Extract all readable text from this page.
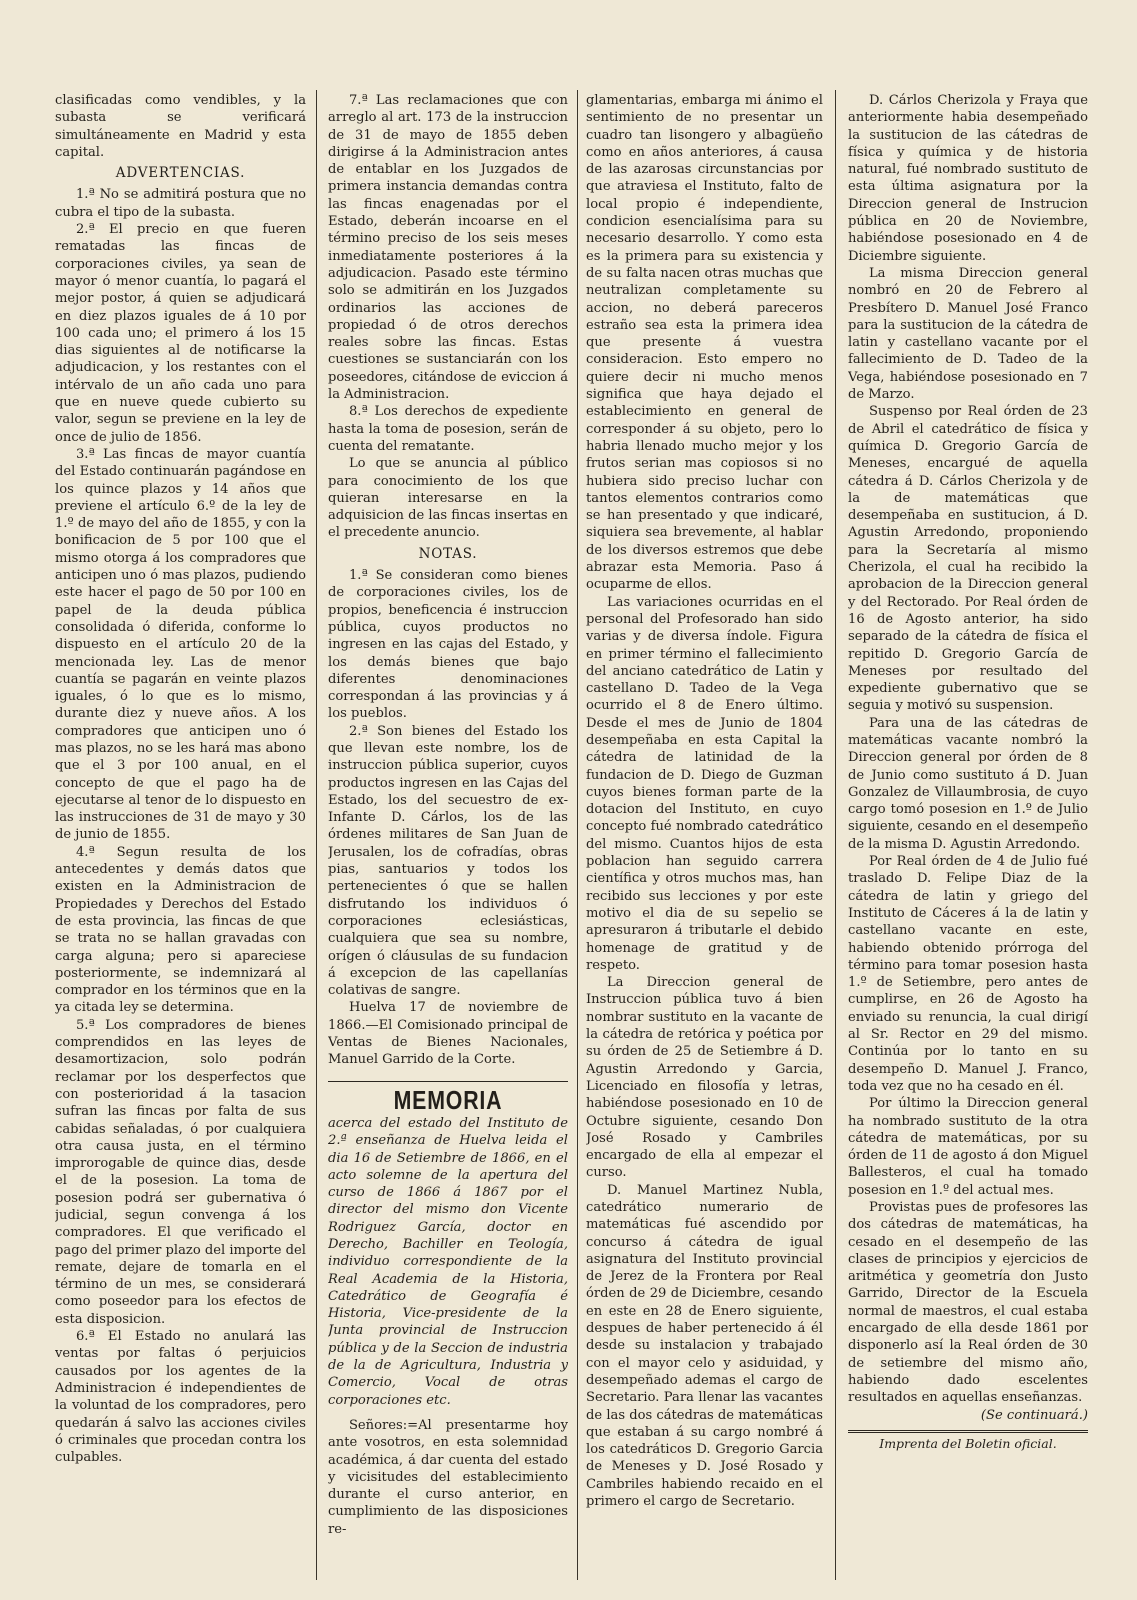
clasificadas como vendibles, y la subasta se verificará simultáneamente en Madrid y esta capital.

ADVERTENCIAS.

1.ª No se admitirá postura que no cubra el tipo de la subasta.

2.ª El precio en que fueren rematadas las fincas de corporaciones civiles, ya sean de mayor ó menor cuantía, lo pagará el mejor postor, á quien se adjudicará en diez plazos iguales de á 10 por 100 cada uno; el primero á los 15 dias siguientes al de notificarse la adjudicacion, y los restantes con el intérvalo de un año cada uno para que en nueve quede cubierto su valor, segun se previene en la ley de once de julio de 1856.

3.ª Las fincas de mayor cuantía del Estado continuarán pagándose en los quince plazos y 14 años que previene el artículo 6.º de la ley de 1.º de mayo del año de 1855, y con la bonificacion de 5 por 100 que el mismo otorga á los compradores que anticipen uno ó mas plazos, pudiendo este hacer el pago de 50 por 100 en papel de la deuda pública consolidada ó diferida, conforme lo dispuesto en el artículo 20 de la mencionada ley. Las de menor cuantía se pagarán en veinte plazos iguales, ó lo que es lo mismo, durante diez y nueve años. A los compradores que anticipen uno ó mas plazos, no se les hará mas abono que el 3 por 100 anual, en el concepto de que el pago ha de ejecutarse al tenor de lo dispuesto en las instrucciones de 31 de mayo y 30 de junio de 1855.

4.ª Segun resulta de los antecedentes y demás datos que existen en la Administracion de Propiedades y Derechos del Estado de esta provincia, las fincas de que se trata no se hallan gravadas con carga alguna; pero si apareciese posteriormente, se indemnizará al comprador en los términos que en la ya citada ley se determina.

5.ª Los compradores de bienes comprendidos en las leyes de desamortizacion, solo podrán reclamar por los desperfectos que con posterioridad á la tasacion sufran las fincas por falta de sus cabidas señaladas, ó por cualquiera otra causa justa, en el término improrogable de quince dias, desde el de la posesion. La toma de posesion podrá ser gubernativa ó judicial, segun convenga á los compradores. El que verificado el pago del primer plazo del importe del remate, dejare de tomarla en el término de un mes, se considerará como poseedor para los efectos de esta disposicion.

6.ª El Estado no anulará las ventas por faltas ó perjuicios causados por los agentes de la Administracion é independientes de la voluntad de los compradores, pero quedarán á salvo las acciones civiles ó criminales que procedan contra los culpables.

7.ª Las reclamaciones que con arreglo al art. 173 de la instruccion de 31 de mayo de 1855 deben dirigirse á la Administracion antes de entablar en los Juzgados de primera instancia demandas contra las fincas enagenadas por el Estado, deberán incoarse en el término preciso de los seis meses inmediatamente posteriores á la adjudicacion. Pasado este término solo se admitirán en los Juzgados ordinarios las acciones de propiedad ó de otros derechos reales sobre las fincas. Estas cuestiones se sustanciarán con los poseedores, citándose de eviccion á la Administracion.

8.ª Los derechos de expediente hasta la toma de posesion, serán de cuenta del rematante.

Lo que se anuncia al público para conocimiento de los que quieran interesarse en la adquisicion de las fincas insertas en el precedente anuncio.

NOTAS.

1.ª Se consideran como bienes de corporaciones civiles, los de propios, beneficencia é instruccion pública, cuyos productos no ingresen en las cajas del Estado, y los demás bienes que bajo diferentes denominaciones correspondan á las provincias y á los pueblos.

2.ª Son bienes del Estado los que llevan este nombre, los de instruccion pública superior, cuyos productos ingresen en las Cajas del Estado, los del secuestro de ex-Infante D. Cárlos, los de las órdenes militares de San Juan de Jerusalen, los de cofradías, obras pias, santuarios y todos los pertenecientes ó que se hallen disfrutando los individuos ó corporaciones eclesiásticas, cualquiera que sea su nombre, orígen ó cláusulas de su fundacion á excepcion de las capellanías colativas de sangre.

Huelva 17 de noviembre de 1866.—El Comisionado principal de Ventas de Bienes Nacionales, Manuel Garrido de la Corte.

MEMORIA

acerca del estado del Instituto de 2.ª enseñanza de Huelva leida el dia 16 de Setiembre de 1866, en el acto solemne de la apertura del curso de 1866 á 1867 por el director del mismo don Vicente Rodriguez García, doctor en Derecho, Bachiller en Teología, individuo correspondiente de la Real Academia de la Historia, Catedrático de Geografía é Historia, Vice-presidente de la Junta provincial de Instruccion pública y de la Seccion de industria de la de Agricultura, Industria y Comercio, Vocal de otras corporaciones etc.

Señores:=Al presentarme hoy ante vosotros, en esta solemnidad académica, á dar cuenta del estado y vicisitudes del establecimiento durante el curso anterior, en cumplimiento de las disposiciones re-

glamentarias, embarga mi ánimo el sentimiento de no presentar un cuadro tan lisongero y albagüeño como en años anteriores, á causa de las azarosas circunstancias por que atraviesa el Instituto, falto de local propio é independiente, condicion esencialísima para su necesario desarrollo. Y como esta es la primera para su existencia y de su falta nacen otras muchas que neutralizan completamente su accion, no deberá pareceros estraño sea esta la primera idea que presente á vuestra consideracion. Esto empero no quiere decir ni mucho menos significa que haya dejado el establecimiento en general de corresponder á su objeto, pero lo habria llenado mucho mejor y los frutos serian mas copiosos si no hubiera sido preciso luchar con tantos elementos contrarios como se han presentado y que indicaré, siquiera sea brevemente, al hablar de los diversos estremos que debe abrazar esta Memoria. Paso á ocuparme de ellos.

Las variaciones ocurridas en el personal del Profesorado han sido varias y de diversa índole. Figura en primer término el fallecimiento del anciano catedrático de Latin y castellano D. Tadeo de la Vega ocurrido el 8 de Enero último. Desde el mes de Junio de 1804 desempeñaba en esta Capital la cátedra de latinidad de la fundacion de D. Diego de Guzman cuyos bienes forman parte de la dotacion del Instituto, en cuyo concepto fué nombrado catedrático del mismo. Cuantos hijos de esta poblacion han seguido carrera científica y otros muchos mas, han recibido sus lecciones y por este motivo el dia de su sepelio se apresuraron á tributarle el debido homenage de gratitud y de respeto.

La Direccion general de Instruccion pública tuvo á bien nombrar sustituto en la vacante de la cátedra de retórica y poética por su órden de 25 de Setiembre á D. Agustin Arredondo y Garcia, Licenciado en filosofía y letras, habiéndose posesionado en 10 de Octubre siguiente, cesando Don José Rosado y Cambriles encargado de ella al empezar el curso.

D. Manuel Martinez Nubla, catedrático numerario de matemáticas fué ascendido por concurso á cátedra de igual asignatura del Instituto provincial de Jerez de la Frontera por Real órden de 29 de Diciembre, cesando en este en 28 de Enero siguiente, despues de haber pertenecido á él desde su instalacion y trabajado con el mayor celo y asiduidad, y desempeñado ademas el cargo de Secretario. Para llenar las vacantes de las dos cátedras de matemáticas que estaban á su cargo nombré á los catedráticos D. Gregorio Garcia de Meneses y D. José Rosado y Cambriles habiendo recaido en el primero el cargo de Secretario.

D. Cárlos Cherizola y Fraya que anteriormente habia desempeñado la sustitucion de las cátedras de física y química y de historia natural, fué nombrado sustituto de esta última asignatura por la Direccion general de Instrucion pública en 20 de Noviembre, habiéndose posesionado en 4 de Diciembre siguiente.

La misma Direccion general nombró en 20 de Febrero al Presbítero D. Manuel José Franco para la sustitucion de la cátedra de latin y castellano vacante por el fallecimiento de D. Tadeo de la Vega, habiéndose posesionado en 7 de Marzo.

Suspenso por Real órden de 23 de Abril el catedrático de física y química D. Gregorio García de Meneses, encargué de aquella cátedra á D. Cárlos Cherizola y de la de matemáticas que desempeñaba en sustitucion, á D. Agustin Arredondo, proponiendo para la Secretaría al mismo Cherizola, el cual ha recibido la aprobacion de la Direccion general y del Rectorado. Por Real órden de 16 de Agosto anterior, ha sido separado de la cátedra de física el repitido D. Gregorio García de Meneses por resultado del expediente gubernativo que se seguia y motivó su suspension.

Para una de las cátedras de matemáticas vacante nombró la Direccion general por órden de 8 de Junio como sustituto á D. Juan Gonzalez de Villaumbrosia, de cuyo cargo tomó posesion en 1.º de Julio siguiente, cesando en el desempeño de la misma D. Agustin Arredondo.

Por Real órden de 4 de Julio fué traslado D. Felipe Diaz de la cátedra de latin y griego del Instituto de Cáceres á la de latin y castellano vacante en este, habiendo obtenido prórroga del término para tomar posesion hasta 1.º de Setiembre, pero antes de cumplirse, en 26 de Agosto ha enviado su renuncia, la cual dirigí al Sr. Rector en 29 del mismo. Continúa por lo tanto en su desempeño D. Manuel J. Franco, toda vez que no ha cesado en él.

Por último la Direccion general ha nombrado sustituto de la otra cátedra de matemáticas, por su órden de 11 de agosto á don Miguel Ballesteros, el cual ha tomado posesion en 1.º del actual mes.

Provistas pues de profesores las dos cátedras de matemáticas, ha cesado en el desempeño de las clases de principios y ejercicios de aritmética y geometría don Justo Garrido, Director de la Escuela normal de maestros, el cual estaba encargado de ella desde 1861 por disponerlo así la Real órden de 30 de setiembre del mismo año, habiendo dado escelentes resultados en aquellas enseñanzas.

(Se continuará.)
Imprenta del Boletin oficial.
